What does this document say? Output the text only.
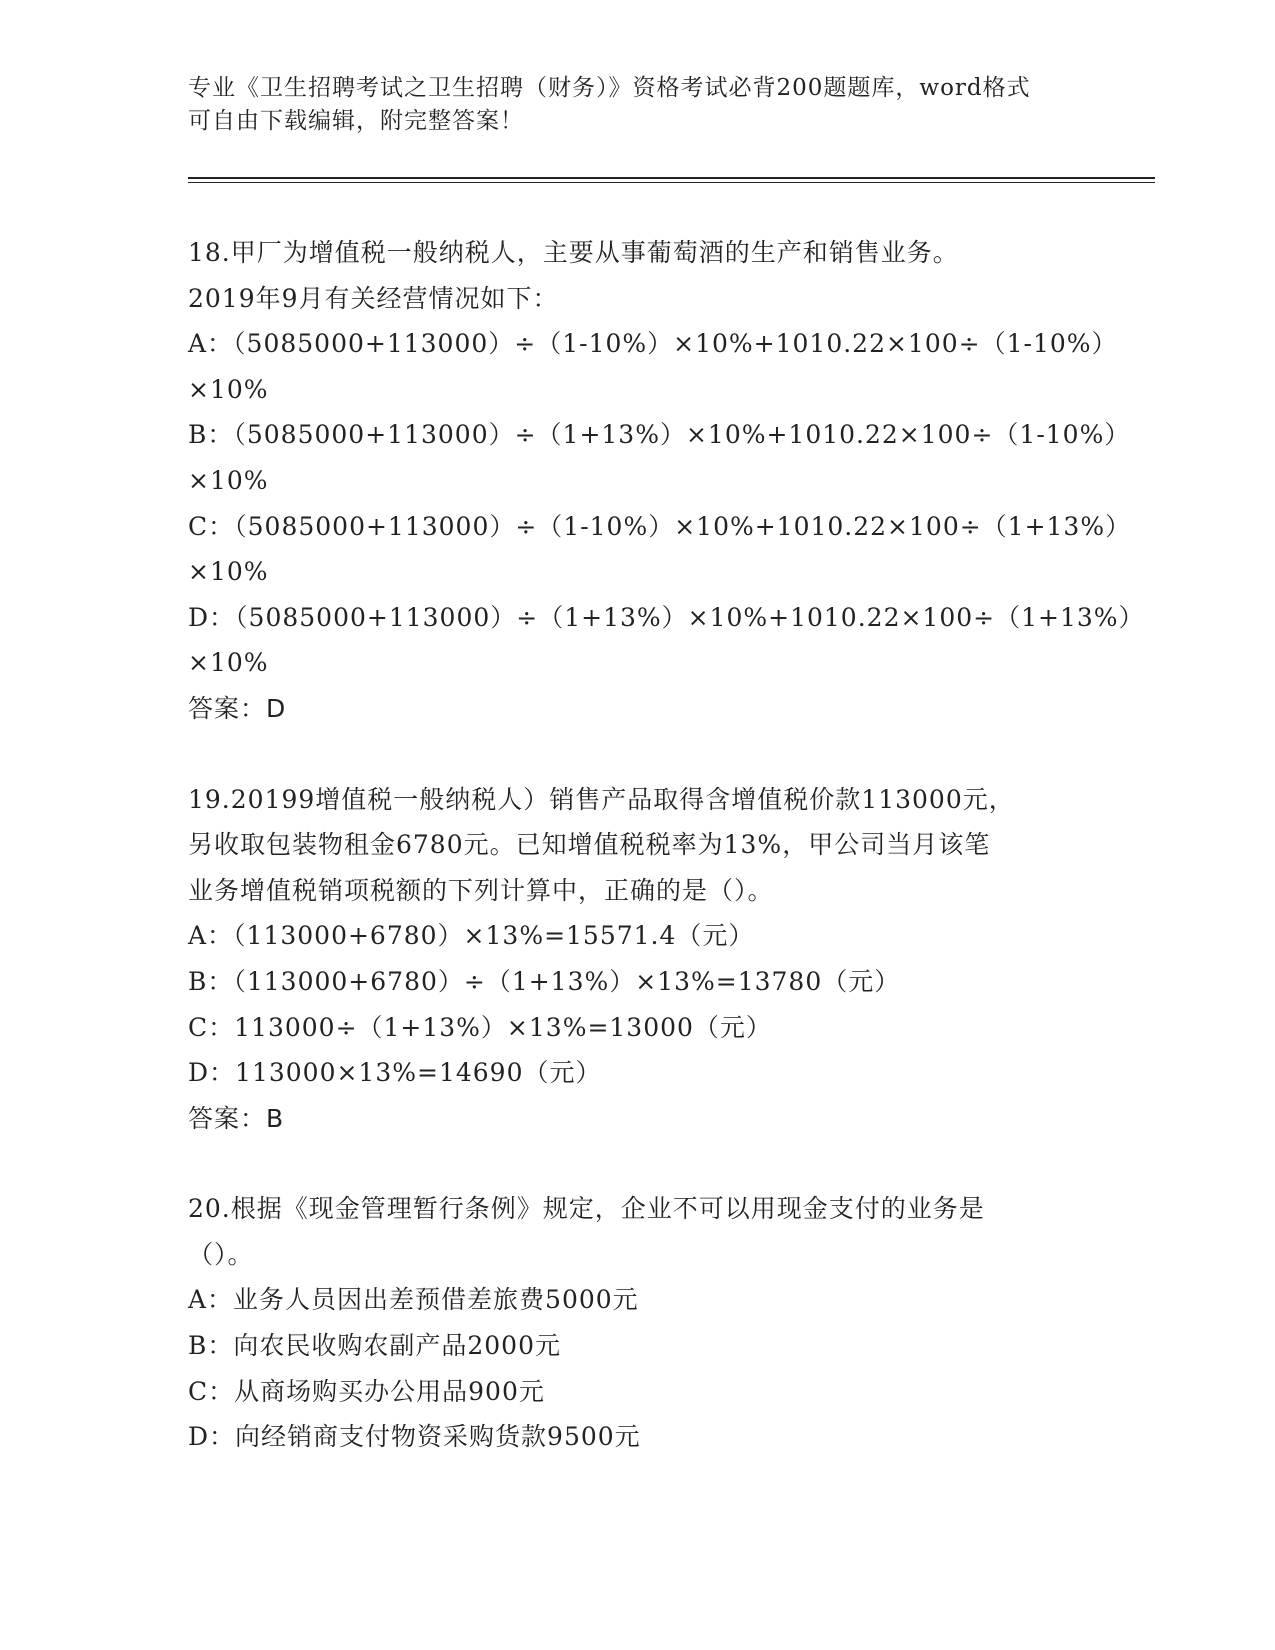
专业《卫生招聘考试之卫生招聘（财务）》资格考试必背200题题库，word格式
可自由下载编辑，附完整答案！
18.甲厂为增值税一般纳税人，主要从事葡萄酒的生产和销售业务。
2019年9月有关经营情况如下：
A：（5085000+113000）÷（1-10%）×10%+1010.22×100÷（1-10%）
×10%
B：（5085000+113000）÷（1+13%）×10%+1010.22×100÷（1-10%）
×10%
C：（5085000+113000）÷（1-10%）×10%+1010.22×100÷（1+13%）
×10%
D：（5085000+113000）÷（1+13%）×10%+1010.22×100÷（1+13%）
×10%
答案：D
19.20199增值税一般纳税人）销售产品取得含增值税价款113000元，
另收取包装物租金6780元。已知增值税税率为13%，甲公司当月该笔
业务增值税销项税额的下列计算中，正确的是（）。
A：（113000+6780）×13%=15571.4（元）
B：（113000+6780）÷（1+13%）×13%=13780（元）
C：113000÷（1+13%）×13%=13000（元）
D：113000×13%=14690（元）
答案：B
20.根据《现金管理暂行条例》规定，企业不可以用现金支付的业务是
（）。
A：业务人员因出差预借差旅费5000元
B：向农民收购农副产品2000元
C：从商场购买办公用品900元
D：向经销商支付物资采购货款9500元
